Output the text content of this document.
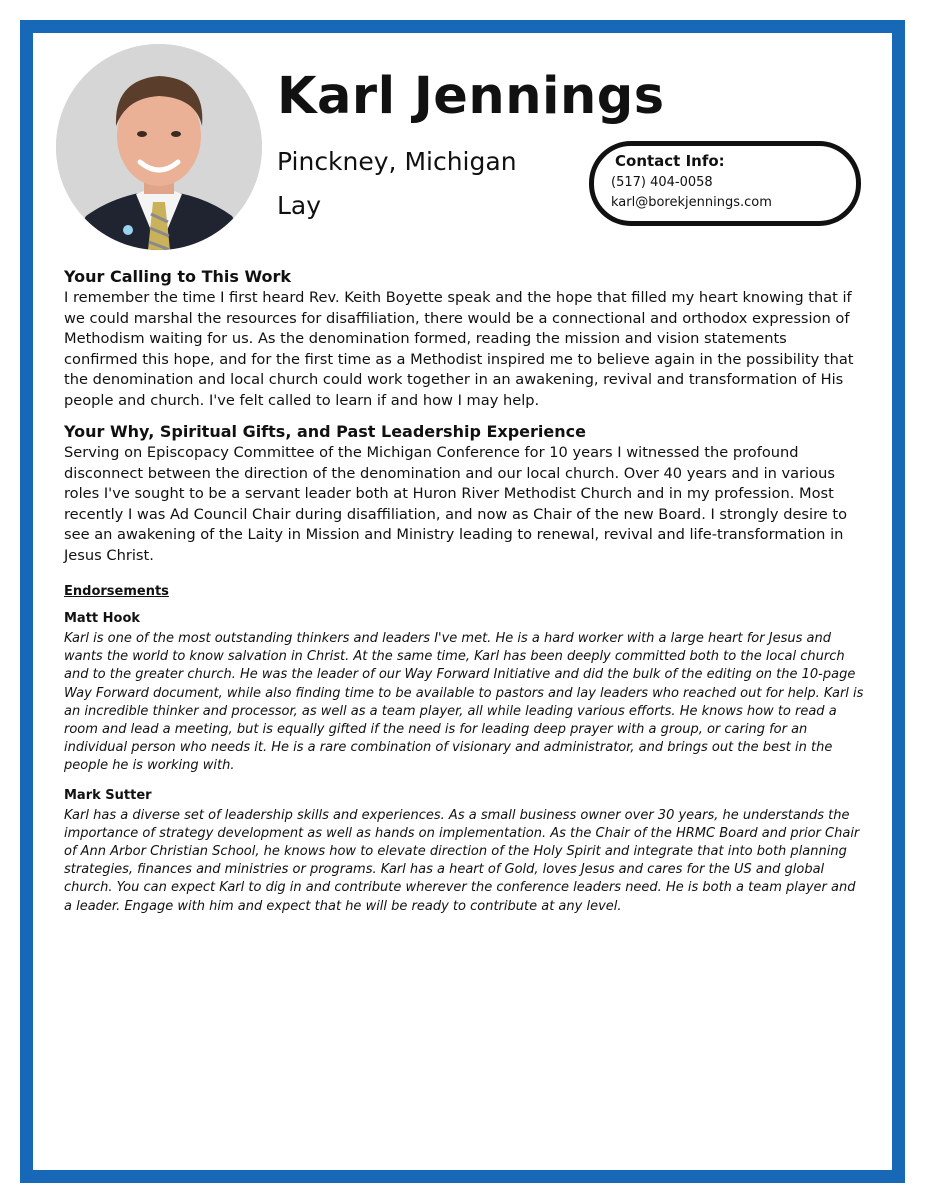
Karl Jennings
Pinckney, Michigan
Lay
Contact Info:
(517) 404-0058
karl@borekjennings.com
Your Calling to This Work

I remember the time I first heard Rev. Keith Boyette speak and the hope that filled my heart knowing that if we could marshal the resources for disaffiliation, there would be a connectional and orthodox expression of Methodism waiting for us. As the denomination formed, reading the mission and vision statements confirmed this hope, and for the first time as a Methodist inspired me to believe again in the possibility that the denomination and local church could work together in an awakening, revival and transformation of His people and church. I've felt called to learn if and how I may help.

Your Why, Spiritual Gifts, and Past Leadership Experience

Serving on Episcopacy Committee of the Michigan Conference for 10 years I witnessed the profound disconnect between the direction of the denomination and our local church. Over 40 years and in various roles I've sought to be a servant leader both at Huron River Methodist Church and in my profession. Most recently I was Ad Council Chair during disaffiliation, and now as Chair of the new Board. I strongly desire to see an awakening of the Laity in Mission and Ministry leading to renewal, revival and life-transformation in Jesus Christ.

Endorsements
Matt Hook
Karl is one of the most outstanding thinkers and leaders I've met. He is a hard worker with a large heart for Jesus and wants the world to know salvation in Christ. At the same time, Karl has been deeply committed both to the local church and to the greater church. He was the leader of our Way Forward Initiative and did the bulk of the editing on the 10-page Way Forward document, while also finding time to be available to pastors and lay leaders who reached out for help. Karl is an incredible thinker and processor, as well as a team player, all while leading various efforts. He knows how to read a room and lead a meeting, but is equally gifted if the need is for leading deep prayer with a group, or caring for an individual person who needs it. He is a rare combination of visionary and administrator, and brings out the best in the people he is working with.
Mark Sutter
Karl has a diverse set of leadership skills and experiences. As a small business owner over 30 years, he understands the importance of strategy development as well as hands on implementation. As the Chair of the HRMC Board and prior Chair of Ann Arbor Christian School, he knows how to elevate direction of the Holy Spirit and integrate that into both planning strategies, finances and ministries or programs. Karl has a heart of Gold, loves Jesus and cares for the US and global church. You can expect Karl to dig in and contribute wherever the conference leaders need. He is both a team player and a leader. Engage with him and expect that he will be ready to contribute at any level.
